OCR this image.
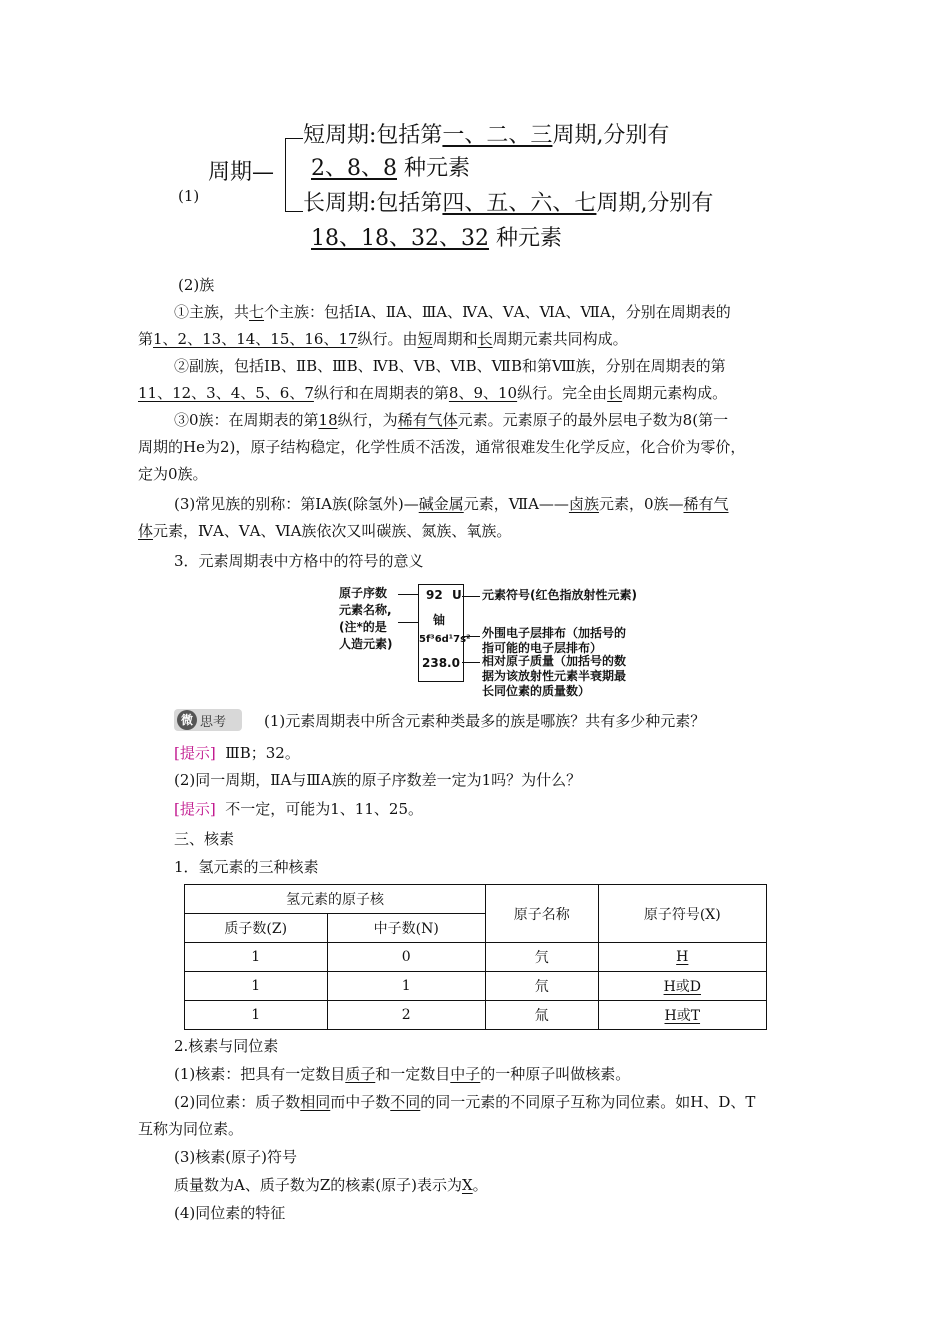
(1)
周期—
短周期:包括第一、二、三周期,分别有
2、8、8 种元素
长周期:包括第四、五、六、七周期,分别有
18、18、32、32 种元素
(2)族
①主族，共七个主族：包括ⅠA、ⅡA、ⅢA、ⅣA、ⅤA、ⅥA、ⅦA，分别在周期表的
第1、2、13、14、15、16、17纵行。由短周期和长周期元素共同构成。
②副族，包括ⅠB、ⅡB、ⅢB、ⅣB、ⅤB、ⅥB、ⅦB和第Ⅷ族，分别在周期表的第
11、12、3、4、5、6、7纵行和在周期表的第8、9、10纵行。完全由长周期元素构成。
③0族：在周期表的第18纵行，为稀有气体元素。元素原子的最外层电子数为8(第一
周期的He为2)，原子结构稳定，化学性质不活泼，通常很难发生化学反应，化合价为零价，
定为0族。
(3)常见族的别称：第ⅠA族(除氢外)—碱金属元素，ⅦA——卤族元素，0族—稀有气
体元素，ⅣA、ⅤA、ⅥA族依次又叫碳族、氮族、氧族。
3．元素周期表中方格中的符号的意义
原子序数
元素名称,
(注*的是
人造元素)
92 U
铀
5f³6d¹7s²
238.0
元素符号(红色指放射性元素)
外围电子层排布（加括号的
指可能的电子层排布）
相对原子质量（加括号的数
据为该放射性元素半衰期最
长同位素的质量数）
微 思考	(1)元素周期表中所含元素种类最多的族是哪族？共有多少种元素？
[提示] ⅢB；32。
(2)同一周期，ⅡA与ⅢA族的原子序数差一定为1吗？为什么？
[提示] 不一定，可能为1、11、25。
三、核素
1．氢元素的三种核素
氢元素的原子核		原子名称	原子符号(X)
质子数(Z)	中子数(N)		
1	0	氕	H
1	1	氘	H或D
1	2	氚	H或T
2.核素与同位素
(1)核素：把具有一定数目质子和一定数目中子的一种原子叫做核素。
(2)同位素：质子数相同而中子数不同的同一元素的不同原子互称为同位素。如H、D、T
互称为同位素。
(3)核素(原子)符号
质量数为A、质子数为Z的核素(原子)表示为X。
(4)同位素的特征
